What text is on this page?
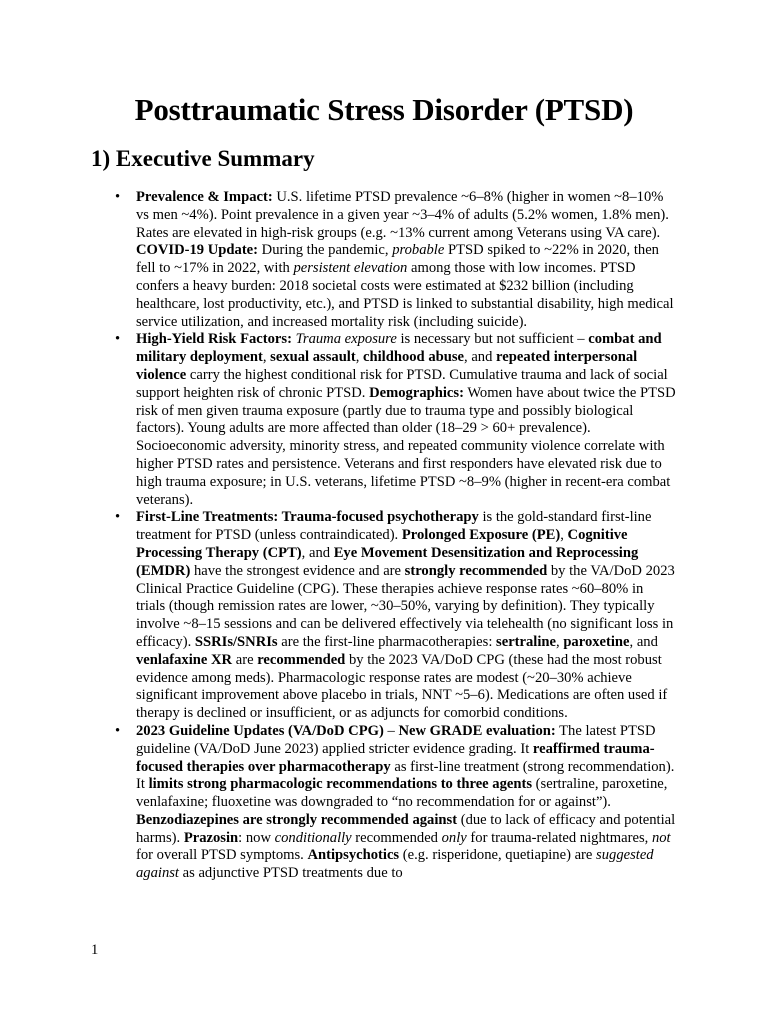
Posttraumatic Stress Disorder (PTSD)
1) Executive Summary
• Prevalence & Impact: U.S. lifetime PTSD prevalence ~6–8% (higher in women ~8–10% vs men ~4%). Point prevalence in a given year ~3–4% of adults (5.2% women, 1.8% men). Rates are elevated in high-risk groups (e.g. ~13% current among Veterans using VA care). COVID-19 Update: During the pandemic, probable PTSD spiked to ~22% in 2020, then fell to ~17% in 2022, with persistent elevation among those with low incomes. PTSD confers a heavy burden: 2018 societal costs were estimated at $232 billion (including healthcare, lost productivity, etc.), and PTSD is linked to substantial disability, high medical service utilization, and increased mortality risk (including suicide).
• High-Yield Risk Factors: Trauma exposure is necessary but not sufficient – combat and military deployment, sexual assault, childhood abuse, and repeated interpersonal violence carry the highest conditional risk for PTSD. Cumulative trauma and lack of social support heighten risk of chronic PTSD. Demographics: Women have about twice the PTSD risk of men given trauma exposure (partly due to trauma type and possibly biological factors). Young adults are more affected than older (18–29 > 60+ prevalence). Socioeconomic adversity, minority stress, and repeated community violence correlate with higher PTSD rates and persistence. Veterans and first responders have elevated risk due to high trauma exposure; in U.S. veterans, lifetime PTSD ~8–9% (higher in recent-era combat veterans).
• First-Line Treatments: Trauma-focused psychotherapy is the gold-standard first-line treatment for PTSD (unless contraindicated). Prolonged Exposure (PE), Cognitive Processing Therapy (CPT), and Eye Movement Desensitization and Reprocessing (EMDR) have the strongest evidence and are strongly recommended by the VA/DoD 2023 Clinical Practice Guideline (CPG). These therapies achieve response rates ~60–80% in trials (though remission rates are lower, ~30–50%, varying by definition). They typically involve ~8–15 sessions and can be delivered effectively via telehealth (no significant loss in efficacy). SSRIs/SNRIs are the first-line pharmacotherapies: sertraline, paroxetine, and venlafaxine XR are recommended by the 2023 VA/DoD CPG (these had the most robust evidence among meds). Pharmacologic response rates are modest (~20–30% achieve significant improvement above placebo in trials, NNT ~5–6). Medications are often used if therapy is declined or insufficient, or as adjuncts for comorbid conditions.
• 2023 Guideline Updates (VA/DoD CPG) – New GRADE evaluation: The latest PTSD guideline (VA/DoD June 2023) applied stricter evidence grading. It reaffirmed trauma-focused therapies over pharmacotherapy as first-line treatment (strong recommendation). It limits strong pharmacologic recommendations to three agents (sertraline, paroxetine, venlafaxine; fluoxetine was downgraded to “no recommendation for or against”). Benzodiazepines are strongly recommended against (due to lack of efficacy and potential harms). Prazosin: now conditionally recommended only for trauma-related nightmares, not for overall PTSD symptoms. Antipsychotics (e.g. risperidone, quetiapine) are suggested against as adjunctive PTSD treatments due to
1
